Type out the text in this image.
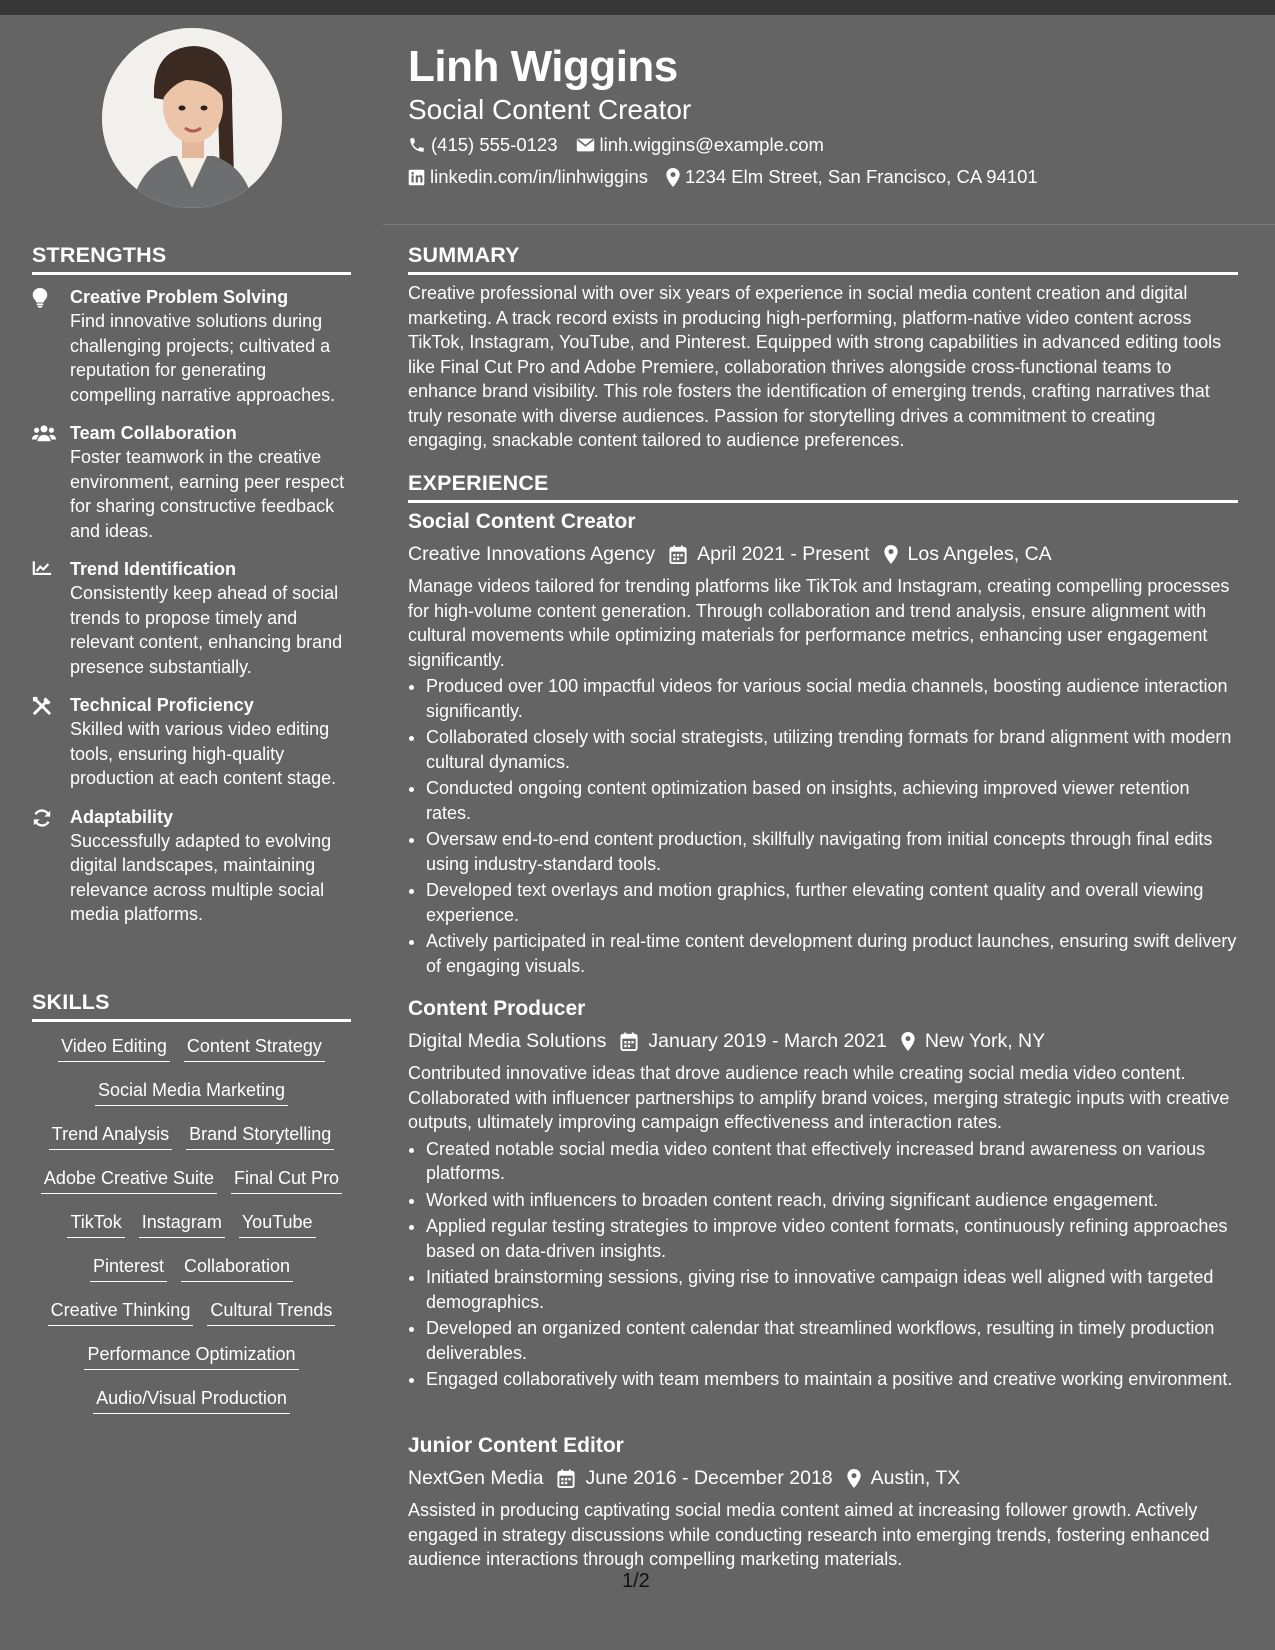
Linh Wiggins
Social Content Creator
(415) 555-0123 linh.wiggins@example.com
linkedin.com/in/linhwiggins 1234 Elm Street, San Francisco, CA 94101
STRENGTHS
Creative Problem Solving
Find innovative solutions during challenging projects; cultivated a reputation for generating compelling narrative approaches.
Team Collaboration
Foster teamwork in the creative environment, earning peer respect for sharing constructive feedback and ideas.
Trend Identification
Consistently keep ahead of social trends to propose timely and relevant content, enhancing brand presence substantially.
Technical Proficiency
Skilled with various video editing tools, ensuring high-quality production at each content stage.
Adaptability
Successfully adapted to evolving digital landscapes, maintaining relevance across multiple social media platforms.
SKILLS
Video Editing Content Strategy
Social Media Marketing
Trend Analysis Brand Storytelling
Adobe Creative Suite Final Cut Pro
TikTok Instagram YouTube
Pinterest Collaboration
Creative Thinking Cultural Trends
Performance Optimization
Audio/Visual Production
SUMMARY
Creative professional with over six years of experience in social media content creation and digital marketing. A track record exists in producing high-performing, platform-native video content across TikTok, Instagram, YouTube, and Pinterest. Equipped with strong capabilities in advanced editing tools like Final Cut Pro and Adobe Premiere, collaboration thrives alongside cross-functional teams to enhance brand visibility. This role fosters the identification of emerging trends, crafting narratives that truly resonate with diverse audiences. Passion for storytelling drives a commitment to creating engaging, snackable content tailored to audience preferences.
EXPERIENCE
Social Content Creator
Creative Innovations Agency April 2021 - Present Los Angeles, CA
Manage videos tailored for trending platforms like TikTok and Instagram, creating compelling processes for high-volume content generation. Through collaboration and trend analysis, ensure alignment with cultural movements while optimizing materials for performance metrics, enhancing user engagement significantly.
• Produced over 100 impactful videos for various social media channels, boosting audience interaction significantly.
• Collaborated closely with social strategists, utilizing trending formats for brand alignment with modern cultural dynamics.
• Conducted ongoing content optimization based on insights, achieving improved viewer retention rates.
• Oversaw end-to-end content production, skillfully navigating from initial concepts through final edits using industry-standard tools.
• Developed text overlays and motion graphics, further elevating content quality and overall viewing experience.
• Actively participated in real-time content development during product launches, ensuring swift delivery of engaging visuals.
Content Producer
Digital Media Solutions January 2019 - March 2021 New York, NY
Contributed innovative ideas that drove audience reach while creating social media video content. Collaborated with influencer partnerships to amplify brand voices, merging strategic inputs with creative outputs, ultimately improving campaign effectiveness and interaction rates.
• Created notable social media video content that effectively increased brand awareness on various platforms.
• Worked with influencers to broaden content reach, driving significant audience engagement.
• Applied regular testing strategies to improve video content formats, continuously refining approaches based on data-driven insights.
• Initiated brainstorming sessions, giving rise to innovative campaign ideas well aligned with targeted demographics.
• Developed an organized content calendar that streamlined workflows, resulting in timely production deliverables.
• Engaged collaboratively with team members to maintain a positive and creative working environment.
Junior Content Editor
NextGen Media June 2016 - December 2018 Austin, TX
Assisted in producing captivating social media content aimed at increasing follower growth. Actively engaged in strategy discussions while conducting research into emerging trends, fostering enhanced audience interactions through compelling marketing materials.
1/2
